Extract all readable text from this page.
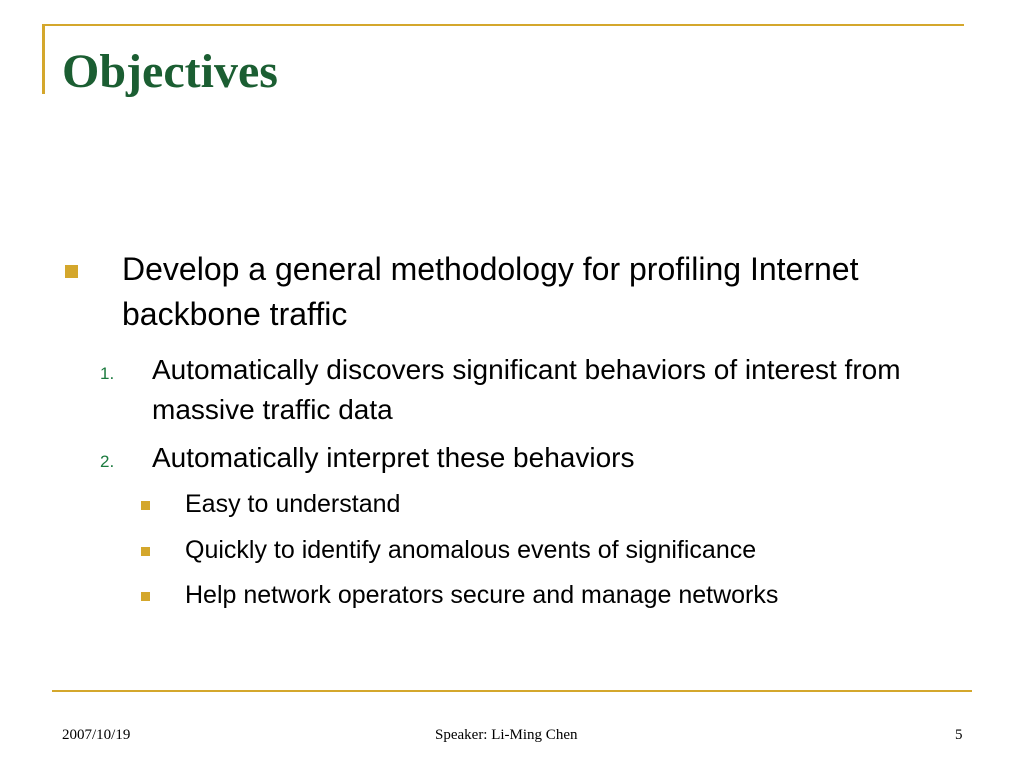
Objectives
Develop a general methodology for profiling Internet backbone traffic
1. Automatically discovers significant behaviors of interest from massive traffic data
2. Automatically interpret these behaviors
Easy to understand
Quickly to identify anomalous events of significance
Help network operators secure and manage networks
2007/10/19	Speaker: Li-Ming Chen	5
